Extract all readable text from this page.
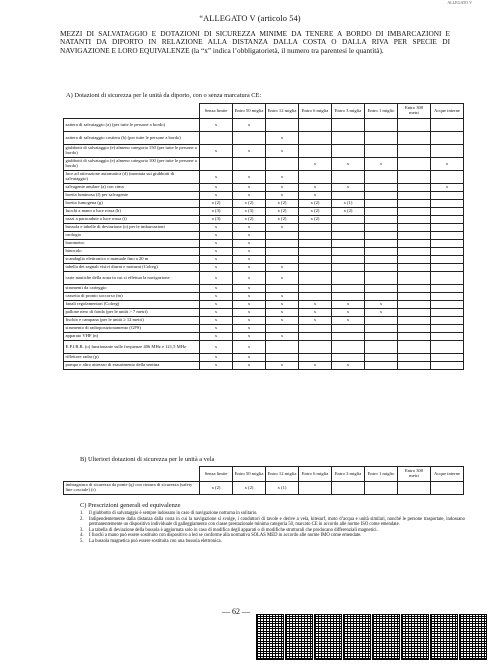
ALLEGATO V
“ALLEGATO V (articolo 54)
MEZZI DI SALVATAGGIO E DOTAZIONI DI SICUREZZA MINIME DA TENERE A BORDO DI IMBARCAZIONI E NATANTI DA DIPORTO IN RELAZIONE ALLA DISTANZA DALLA COSTA O DALLA RIVA PER SPECIE DI NAVIGAZIONE E LORO EQUIVALENZE (la “x” indica l’obbligatorietà, il numero tra parentesi le quantità).
A) Dotazioni di sicurezza per le unità da diporto, con o senza marcatura CE:
	Senza limite	Entro 50 miglia	Entro 12 miglia	Entro 6 miglia	Entro 3 miglia	Entro 1 miglio	Entro 300 metri	Acque interne
zattera di salvataggio (a) (per tutte le persone a bordo)	x	x						
zattera di salvataggio costiera (b) (per tutte le persone a bordo)			x					
giubbotti di salvataggio (e) almeno categoria 150 (per tutte le persone a bordo)	x	x	x					
giubbotti di salvataggio (e) almeno categoria 100 (per tutte le persone a bordo)				x	x	x		x
luce ad attivazione automatica (d) (montata sui giubbotti di salvataggio)	x	x	x					
salvagente anulare (a) con cima	x	x	x	x	x			x
boetta luminosa (f) per salvagente	x	x	x	x				
boetta fumogena (g)	x (2)	x (2)	x (2)	x (2)	x (1)			
fuochi a mano a luce rossa (h)	x (3)	x (3)	x (2)	x (2)	x (2)			
razzi a paracadute a luce rossa (i)	x (3)	x (2)	x (2)	x (2)				
bussola e tabelle di deviazione (o) per le imbarcazioni	x	x	x					
orologio	x	x						
barometro	x	x						
binocolo	x	x						
scandaglio elettronico o manuale fino a 20 m	x	x						
tabella dei segnali visivi diurni e notturni (Colreg)	x	x	x					
carte nautiche della zona in cui si effettua la navigazione	x	x	x					
strumenti da carteggio	x	x						
cassetta di pronto soccorso (m)	x	x	x					
fanali regolamentari (Colreg)	x	x	x	x	x	x		
pallone nero di fonda (per le unità > 7 metri)	x	x	x	x	x	x		
fischio e campana (per le unità ≥ 12 metri)	x	x	x	x	x			
strumento di radioposizionamento (GPS)	x	x						
apparato VHF (n)	x	x	x					
E.P.I.R.B. (o) funzionante sulle frequenze 406 MHz e 121,5 MHz	x	x						
riflettore radar (p)	x	x						
pompa o altro attrezzo di esaurimento della sentina	x	x	x	x	x			
B) Ulteriori dotazioni di sicurezza per le unità a vela
	Senza limite	Entro 50 miglia	Entro 12 miglia	Entro 6 miglia	Entro 3 miglia	Entro 1 miglio	Entro 300 metri	Acque interne
imbragatura di sicurezza da ponte (q) con cintura di sicurezza (safety line cosciale) (r)	x (2)	x (2)	x (1)					
C) Prescrizioni generali ed equivalenze
1.	Il giubbotto di salvataggio è sempre indossato in caso di navigazione notturna in solitario.
2.	Indipendentemente dalla distanza dalla costa in cui la navigazione si svolge, i conduttori di tavole e derive a vela, kitesurf, moto d’acqua e unità similari, nonché le persone trasportate, indossano permanentemente un dispositivo individuale di galleggiamento con classe prestazionale minima categoria 50, marcato CE in accordo alle norme ISO come emendate.
3.	La tabella di deviazione della bussola è aggiornata solo in caso di modifica degli apparati o di modifiche strutturali che producano differenziali magnetici.
4.	I fuochi a mano può essere sostituito con dispositivo a led se conforme alla normativa SOLAS MED in accordo alle norme IMO come emendate.
5.	La bussola magnetica può essere sostituita con una bussola elettronica.
— 62 —
